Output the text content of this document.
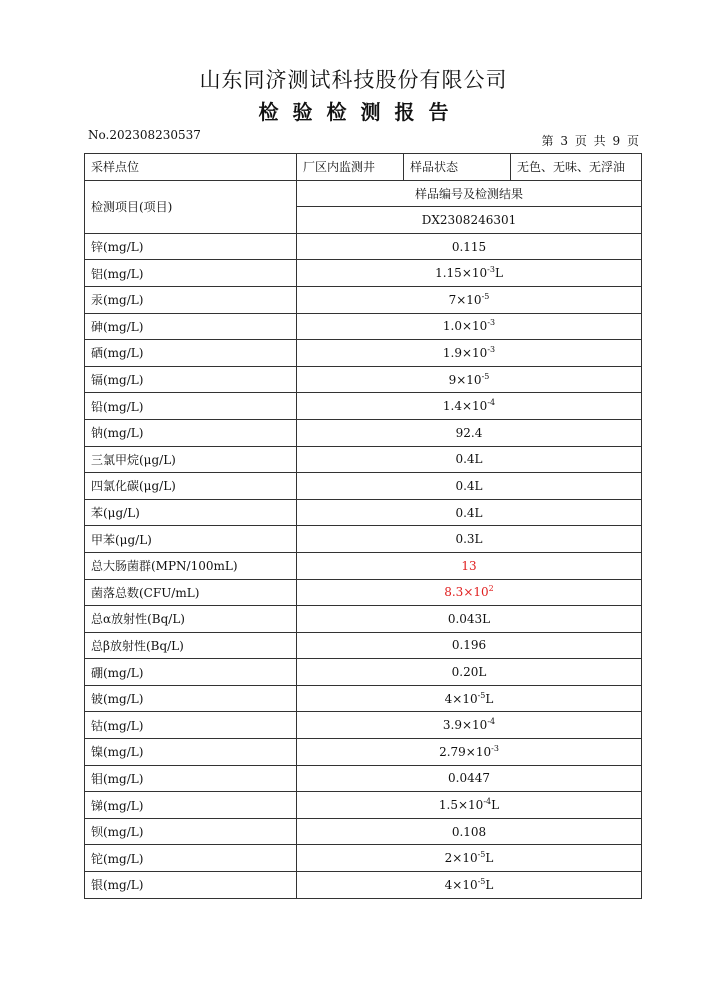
山东同济测试科技股份有限公司
检验检测报告
No.202308230537	第 3 页 共 9 页
采样点位	厂区内监测井	样品状态	无色、无味、无浮油
检测项目(项目)	样品编号及检测结果		
	DX2308246301		
锌(mg/L)	0.115		
铝(mg/L)	$1.15\times 10^{-3}L$		
汞(mg/L)	$7\times 10^{-5}$
砷(mg/L)	$1.0\times 10^{-3}$
硒(mg/L)	$1.9\times 10^{-3}$
镉(mg/L)	$9\times 10^{-5}$
铅(mg/L)	$1.4\times 10^{-4}$
钠(mg/L)	92.4		
三氯甲烷(μg/L)	0.4L		
四氯化碳(μg/L)	0.4L		
苯(μg/L)	0.4L		
甲苯(μg/L)	0.3L		
总大肠菌群(MPN/100mL)	13		
菌落总数(CFU/mL)	$8.3\times 10^2$
总α放射性(Bq/L)	0.043L		
总β放射性(Bq/L)	0.196		
硼(mg/L)	0.20L		
铍(mg/L)	$4\times 10^{-5}L$		
钴(mg/L)	$3.9\times 10^{-4}$
镍(mg/L)	$2.79\times 10^{-3}$
钼(mg/L)	0.0447		
锑(mg/L)	$1.5\times 10^{-4}L$		
钡(mg/L)	0.108		
铊(mg/L)	$2\times 10^{-5}L$		
银(mg/L)	$4\times 10^{-5}L$		
